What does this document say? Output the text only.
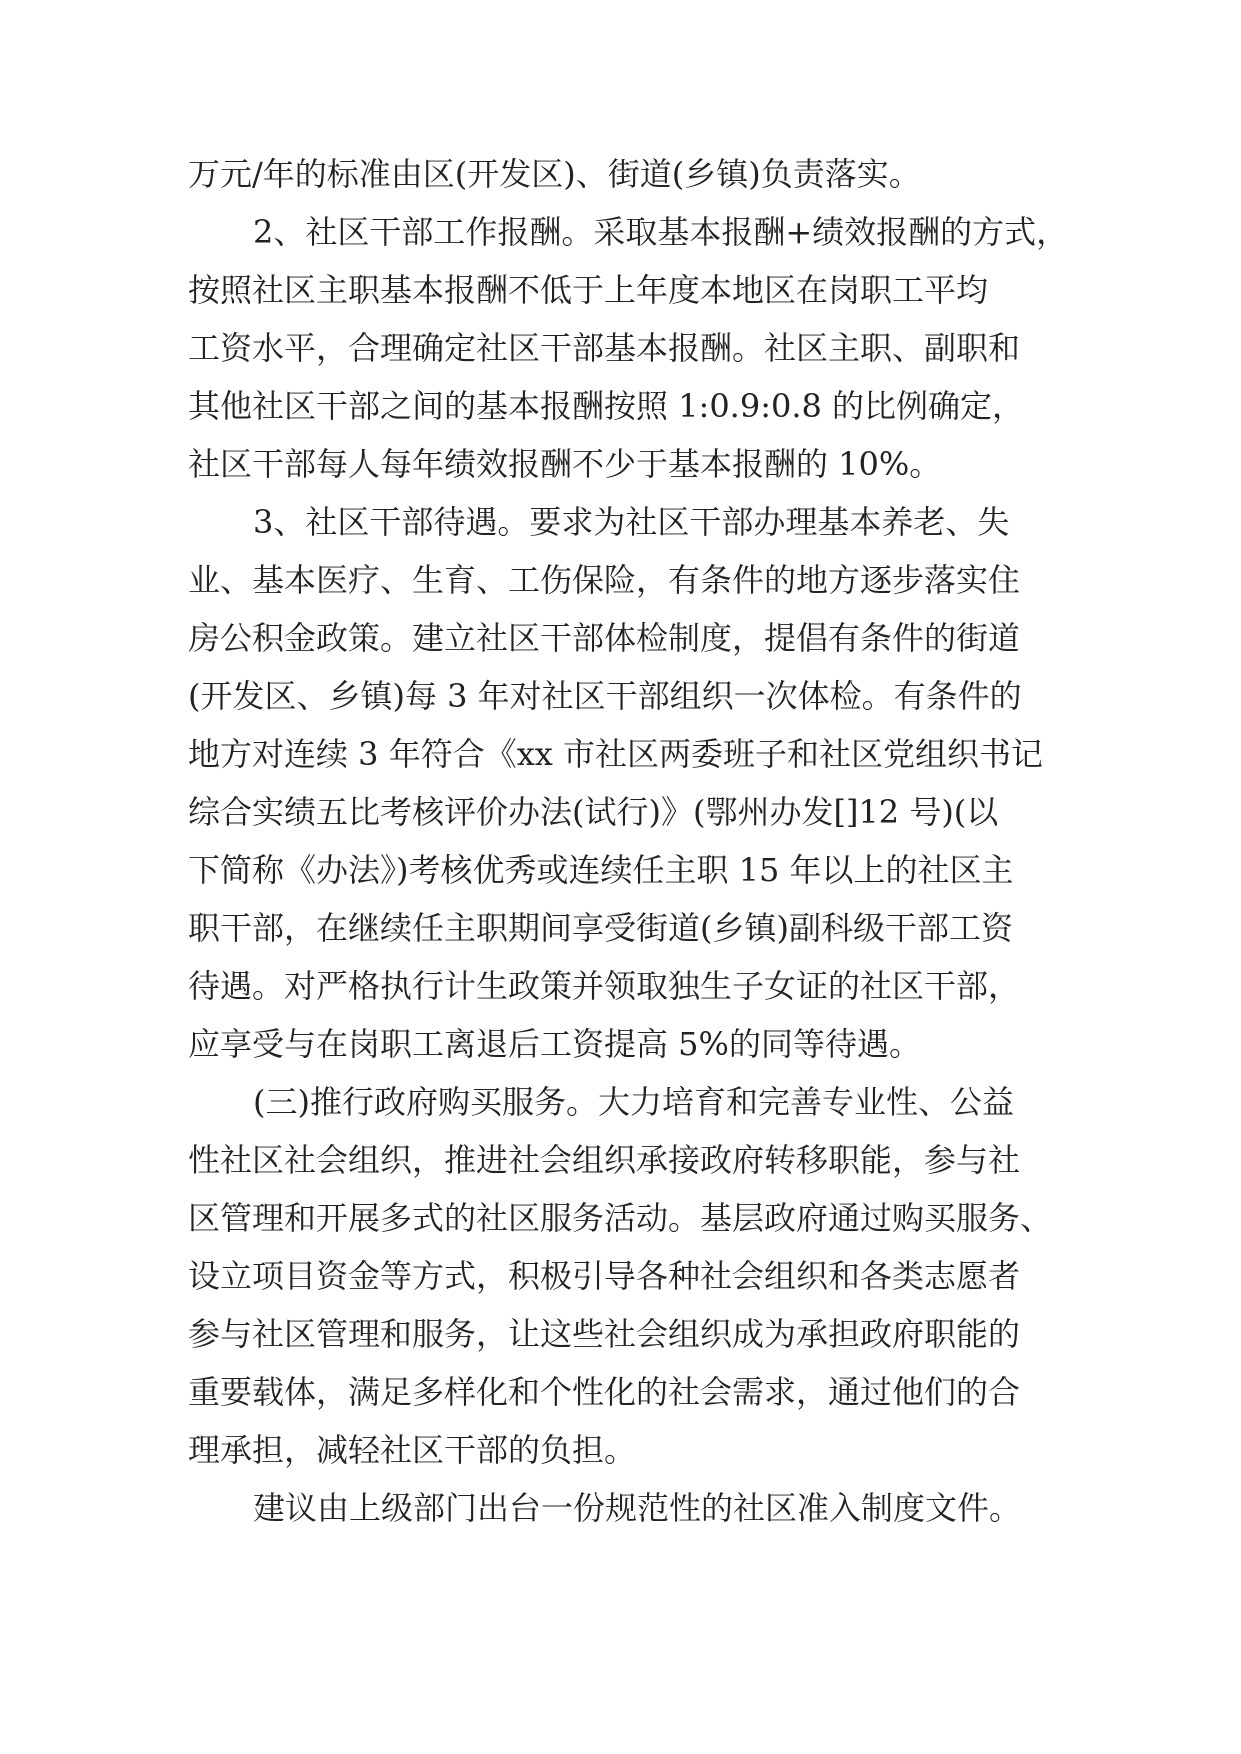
万元/年的标准由区(开发区)、街道(乡镇)负责落实。
2、社区干部工作报酬。采取基本报酬+绩效报酬的方式，
按照社区主职基本报酬不低于上年度本地区在岗职工平均
工资水平，合理确定社区干部基本报酬。社区主职、副职和
其他社区干部之间的基本报酬按照 1:0.9:0.8 的比例确定，
社区干部每人每年绩效报酬不少于基本报酬的 10%。
3、社区干部待遇。要求为社区干部办理基本养老、失
业、基本医疗、生育、工伤保险，有条件的地方逐步落实住
房公积金政策。建立社区干部体检制度，提倡有条件的街道
(开发区、乡镇)每 3 年对社区干部组织一次体检。有条件的
地方对连续 3 年符合《xx 市社区两委班子和社区党组织书记
综合实绩五比考核评价办法(试行)》(鄂州办发[]12 号)(以
下简称《办法》)考核优秀或连续任主职 15 年以上的社区主
职干部，在继续任主职期间享受街道(乡镇)副科级干部工资
待遇。对严格执行计生政策并领取独生子女证的社区干部，
应享受与在岗职工离退后工资提高 5%的同等待遇。
(三)推行政府购买服务。大力培育和完善专业性、公益
性社区社会组织，推进社会组织承接政府转移职能，参与社
区管理和开展多式的社区服务活动。基层政府通过购买服务、
设立项目资金等方式，积极引导各种社会组织和各类志愿者
参与社区管理和服务，让这些社会组织成为承担政府职能的
重要载体，满足多样化和个性化的社会需求，通过他们的合
理承担，减轻社区干部的负担。
建议由上级部门出台一份规范性的社区准入制度文件。
